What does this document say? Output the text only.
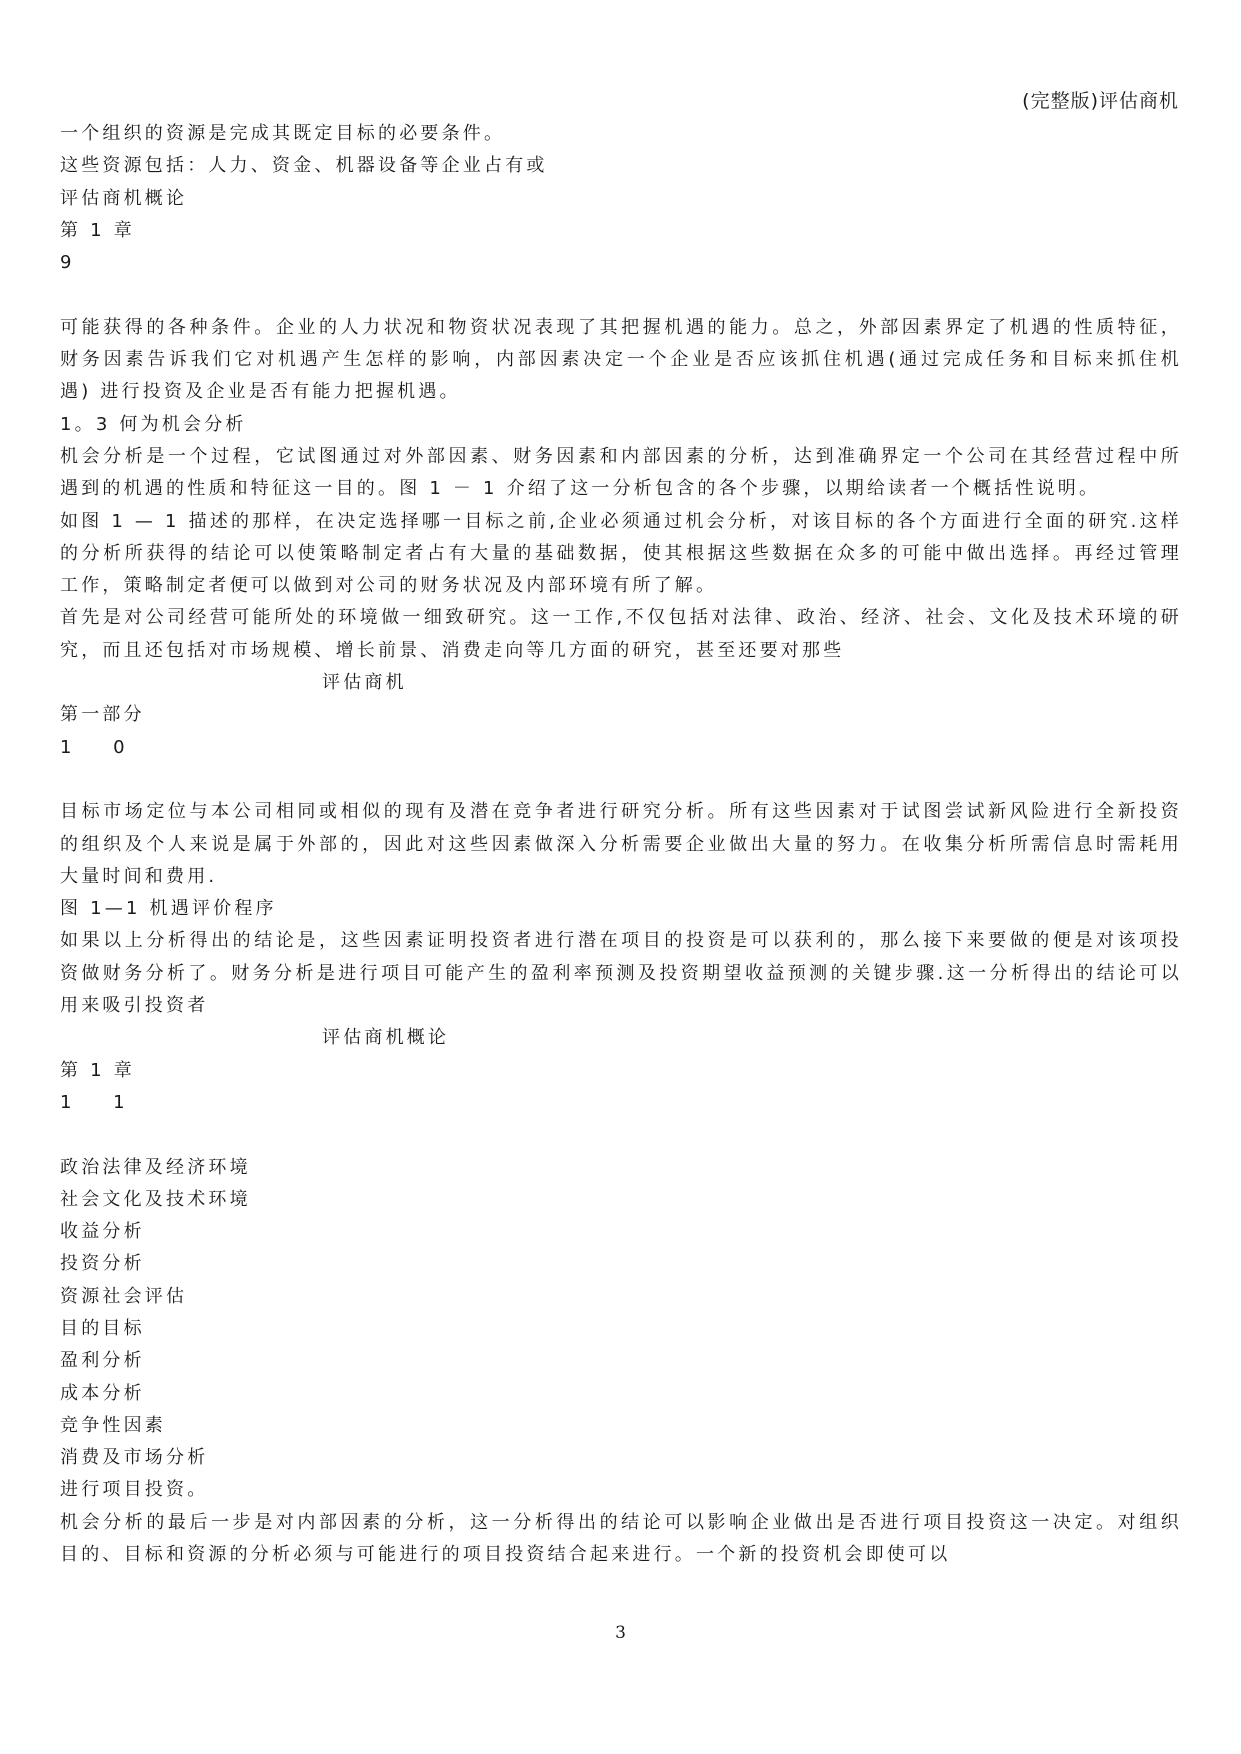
(完整版)评估商机
一个组织的资源是完成其既定目标的必要条件。
这些资源包括：人力、资金、机器设备等企业占有或
评估商机概论
第 1 章
9
可能获得的各种条件。企业的人力状况和物资状况表现了其把握机遇的能力。总之，外部因素界定了机遇的性质特征，财务因素告诉我们它对机遇产生怎样的影响，内部因素决定一个企业是否应该抓住机遇(通过完成任务和目标来抓住机遇) 进行投资及企业是否有能力把握机遇。
1。3 何为机会分析
机会分析是一个过程，它试图通过对外部因素、财务因素和内部因素的分析，达到准确界定一个公司在其经营过程中所遇到的机遇的性质和特征这一目的。图 1 － 1 介绍了这一分析包含的各个步骤，以期给读者一个概括性说明。
如图 1 — 1 描述的那样，在决定选择哪一目标之前,企业必须通过机会分析，对该目标的各个方面进行全面的研究.这样的分析所获得的结论可以使策略制定者占有大量的基础数据，使其根据这些数据在众多的可能中做出选择。再经过管理工作，策略制定者便可以做到对公司的财务状况及内部环境有所了解。
首先是对公司经营可能所处的环境做一细致研究。这一工作,不仅包括对法律、政治、经济、社会、文化及技术环境的研究，而且还包括对市场规模、增长前景、消费走向等几方面的研究，甚至还要对那些
评估商机
第一部分
1 0
目标市场定位与本公司相同或相似的现有及潜在竞争者进行研究分析。所有这些因素对于试图尝试新风险进行全新投资的组织及个人来说是属于外部的，因此对这些因素做深入分析需要企业做出大量的努力。在收集分析所需信息时需耗用大量时间和费用.
图 1—1 机遇评价程序
如果以上分析得出的结论是，这些因素证明投资者进行潜在项目的投资是可以获利的，那么接下来要做的便是对该项投资做财务分析了。财务分析是进行项目可能产生的盈利率预测及投资期望收益预测的关键步骤.这一分析得出的结论可以用来吸引投资者
评估商机概论
第 1 章
1 1
政治法律及经济环境
社会文化及技术环境
收益分析
投资分析
资源社会评估
目的目标
盈利分析
成本分析
竞争性因素
消费及市场分析
进行项目投资。
机会分析的最后一步是对内部因素的分析，这一分析得出的结论可以影响企业做出是否进行项目投资这一决定。对组织目的、目标和资源的分析必须与可能进行的项目投资结合起来进行。一个新的投资机会即使可以
3
